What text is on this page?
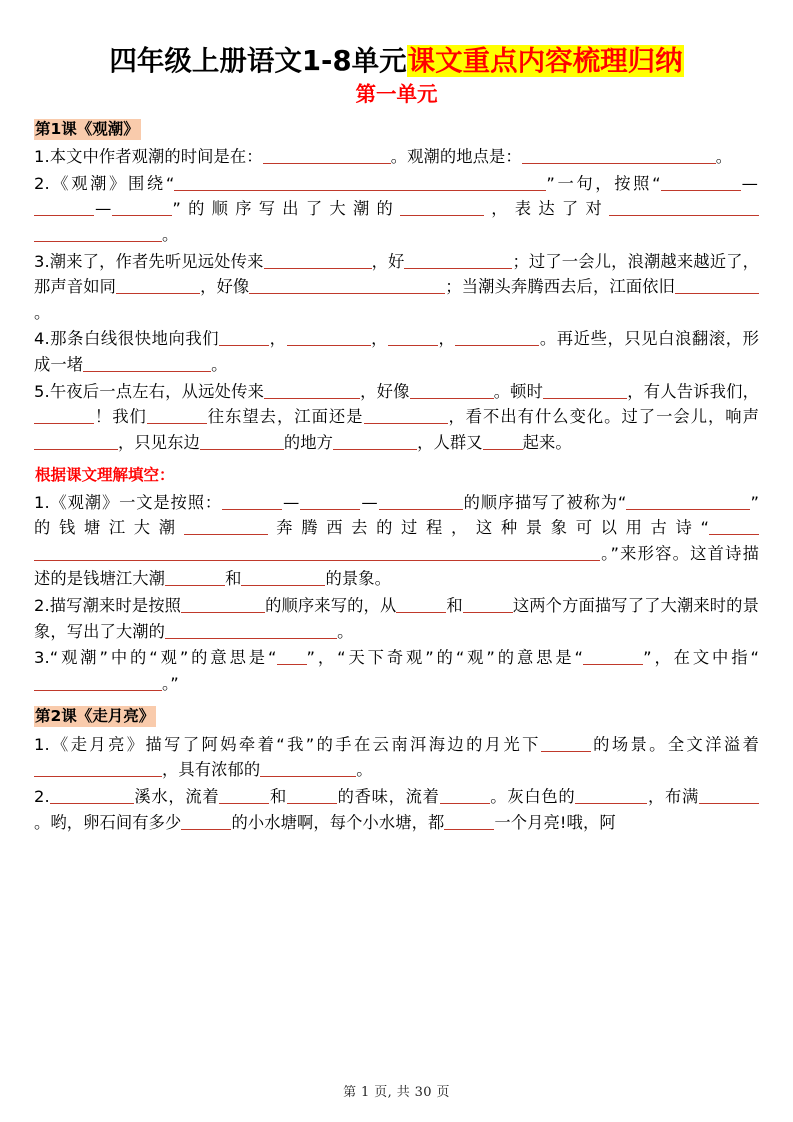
四年级上册语文1-8单元课文重点内容梳理归纳
第一单元
第1课《观潮》

1.本文中作者观潮的时间是在：	。观潮的地点是：	。

2.《观潮》围绕“	”一句，按照“	——	”的顺序写出了大潮的	，表达了对。

3.潮来了，作者先听见远处传来	，好	；过了一会儿，浪潮越来越近了，那声音如同	，好像	；当潮头奔腾西去后，江面依旧。

4.那条白线很快地向我们	，	，	，	。再近些，只见白浪翻滚，形成一堵	。

5.午夜后一点左右，从远处传来	，好像	。顿时	，有人告诉我们，！我们	往东望去，江面还是	，看不出有什么变化。过了一会儿，响声，只见东边	的地方	，人群又 起来。

根据课文理解填空：

1.《观潮》一文是按照：	—	—	的顺序描写了被称为“	”的钱塘江大潮	奔腾西去的过程，这种景象可以用古诗“。”来形容。这首诗描述的是钱塘江大潮	和	的景象。

2.描写潮来时是按照	的顺序来写的，从	和	这两个方面描写了了大潮来时的景象，写出了大潮的	。

3.“观潮”中的“观”的意思是“ ”，“天下奇观”的“观”的意思是“	”，在文中指“。”

第2课《走月亮》

1.《走月亮》描写了阿妈牵着“我”的手在云南洱海边的月光下	的场景。全文洋溢着，具有浓郁的	。

2.	溪水，流着	和	的香味，流着	。灰白色的	，布满。哟，卵石间有多少	的小水塘啊，每个小水塘，都	一个月亮!哦，阿

第 1 页, 共 30 页
